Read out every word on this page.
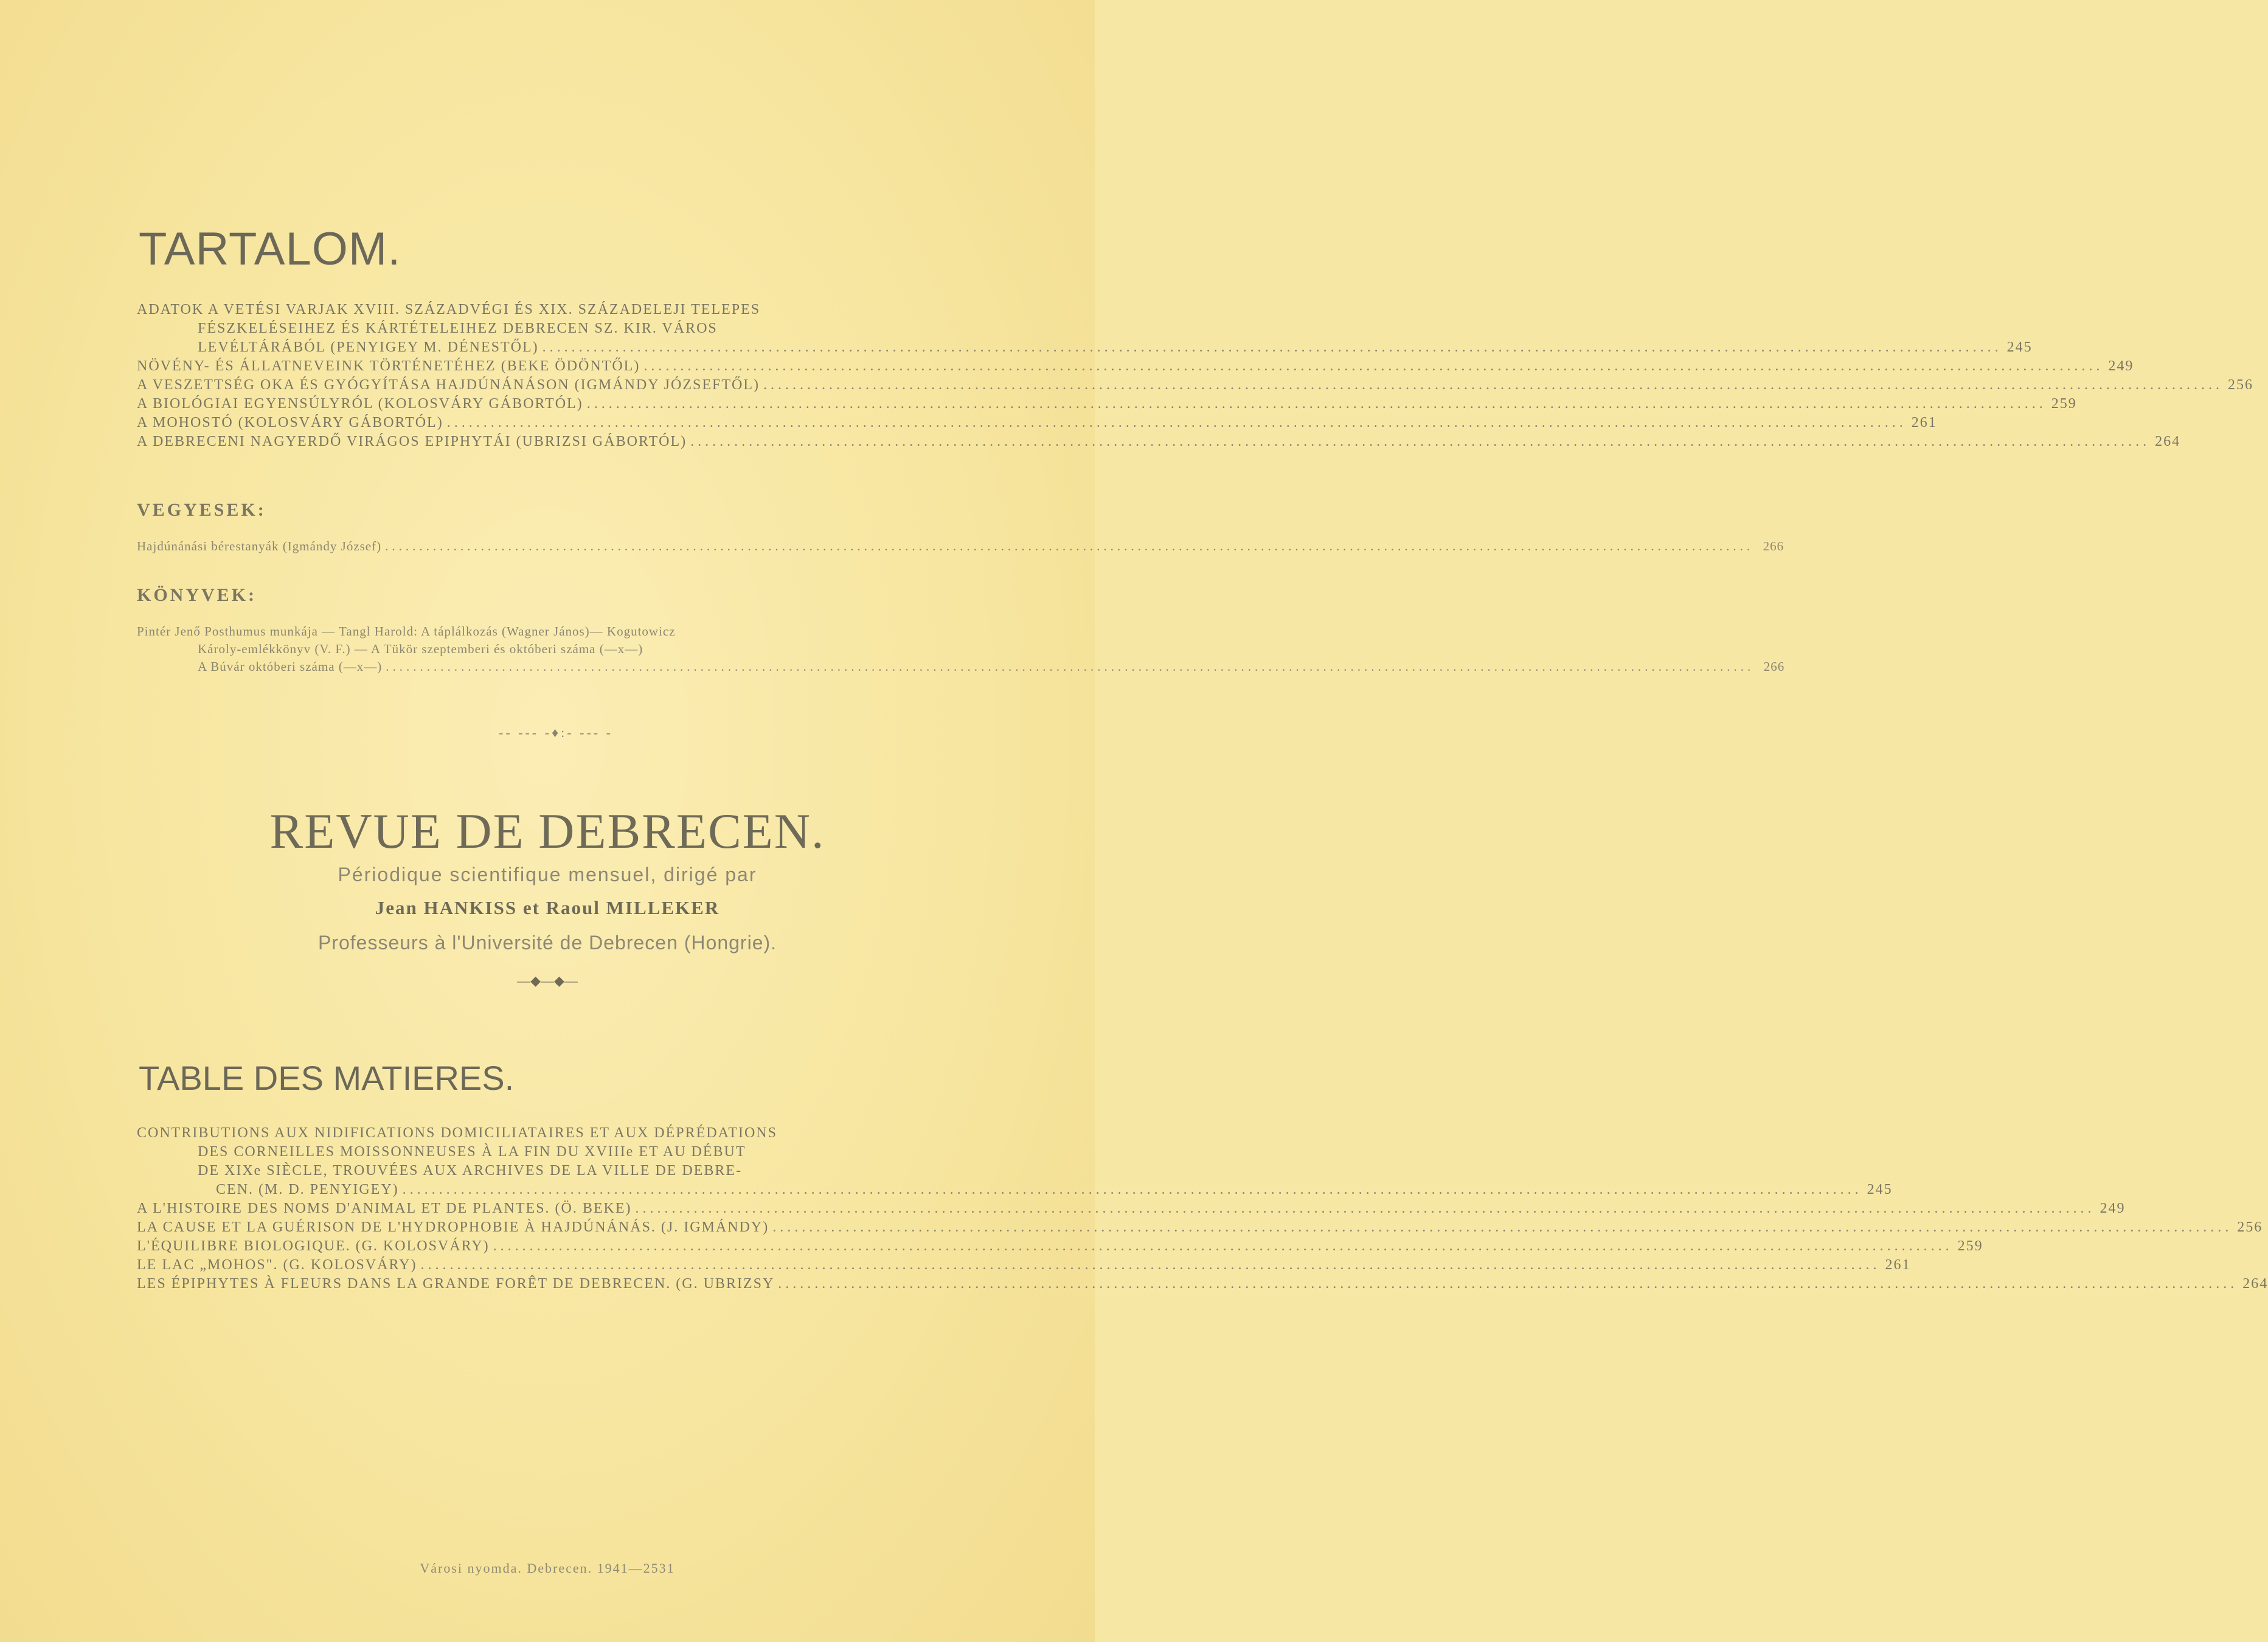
TARTALOM.
ADATOK A VETÉSI VARJAK XVIII. SZÁZADVÉGI ÉS XIX. SZÁZADELEJI TELEPES
FÉSZKELÉSEIHEZ ÉS KÁRTÉTELEIHEZ DEBRECEN SZ. KIR. VÁROS
LEVÉLTÁRÁBÓL (PENYIGEY M. DÉNESTŐL) .....	245
NÖVÉNY- ÉS ÁLLATNEVEINK TÖRTÉNETÉHEZ (BEKE ÖDÖNTŐL) .....	249
A VESZETTSÉG OKA ÉS GYÓGYÍTÁSA HAJDÚNÁNÁSON (IGMÁNDY JÓZSEFTŐL) .....	256
A BIOLÓGIAI EGYENSÚLYRÓL (KOLOSVÁRY GÁBORTÓL) .....	259
A MOHOSTÓ (KOLOSVÁRY GÁBORTÓL) .....	261
A DEBRECENI NAGYERDŐ VIRÁGOS EPIPHYTÁI (UBRIZSI GÁBORTÓL) .....	264
VEGYESEK:
Hajdúnánási bérestanyák (Igmándy József) .....	266
KÖNYVEK:
Pintér Jenő Posthumus munkája — Tangl Harold: A táplálkozás (Wagner János)— Kogutowicz
Károly-emlékkönyv (V. F.) — A Tükör szeptemberi és októberi száma (—x—)
A Búvár októberi száma (—x—) .....	266
-- --- -♦:- --- -
REVUE DE DEBRECEN.
Périodique scientifique mensuel, dirigé par
Jean HANKISS et Raoul MILLEKER
Professeurs à l'Université de Debrecen (Hongrie).
—◆—◆—
TABLE DES MATIERES.
CONTRIBUTIONS AUX NIDIFICATIONS DOMICILIATAIRES ET AUX DÉPRÉDATIONS
DES CORNEILLES MOISSONNEUSES À LA FIN DU XVIIIe ET AU DÉBUT
DE XIXe SIÈCLE, TROUVÉES AUX ARCHIVES DE LA VILLE DE DEBRE-
CEN. (M. D. PENYIGEY) .....	245
A L'HISTOIRE DES NOMS D'ANIMAL ET DE PLANTES. (Ö. BEKE) .....	249
LA CAUSE ET LA GUÉRISON DE L'HYDROPHOBIE À HAJDÚNÁNÁS. (J. IGMÁNDY) .....	256
L'ÉQUILIBRE BIOLOGIQUE. (G. KOLOSVÁRY) .....	259
LE LAC „MOHOS". (G. KOLOSVÁRY) .....	261
LES ÉPIPHYTES À FLEURS DANS LA GRANDE FORÊT DE DEBRECEN. (G. UBRIZSY .....	264
Városi nyomda. Debrecen. 1941—2531
